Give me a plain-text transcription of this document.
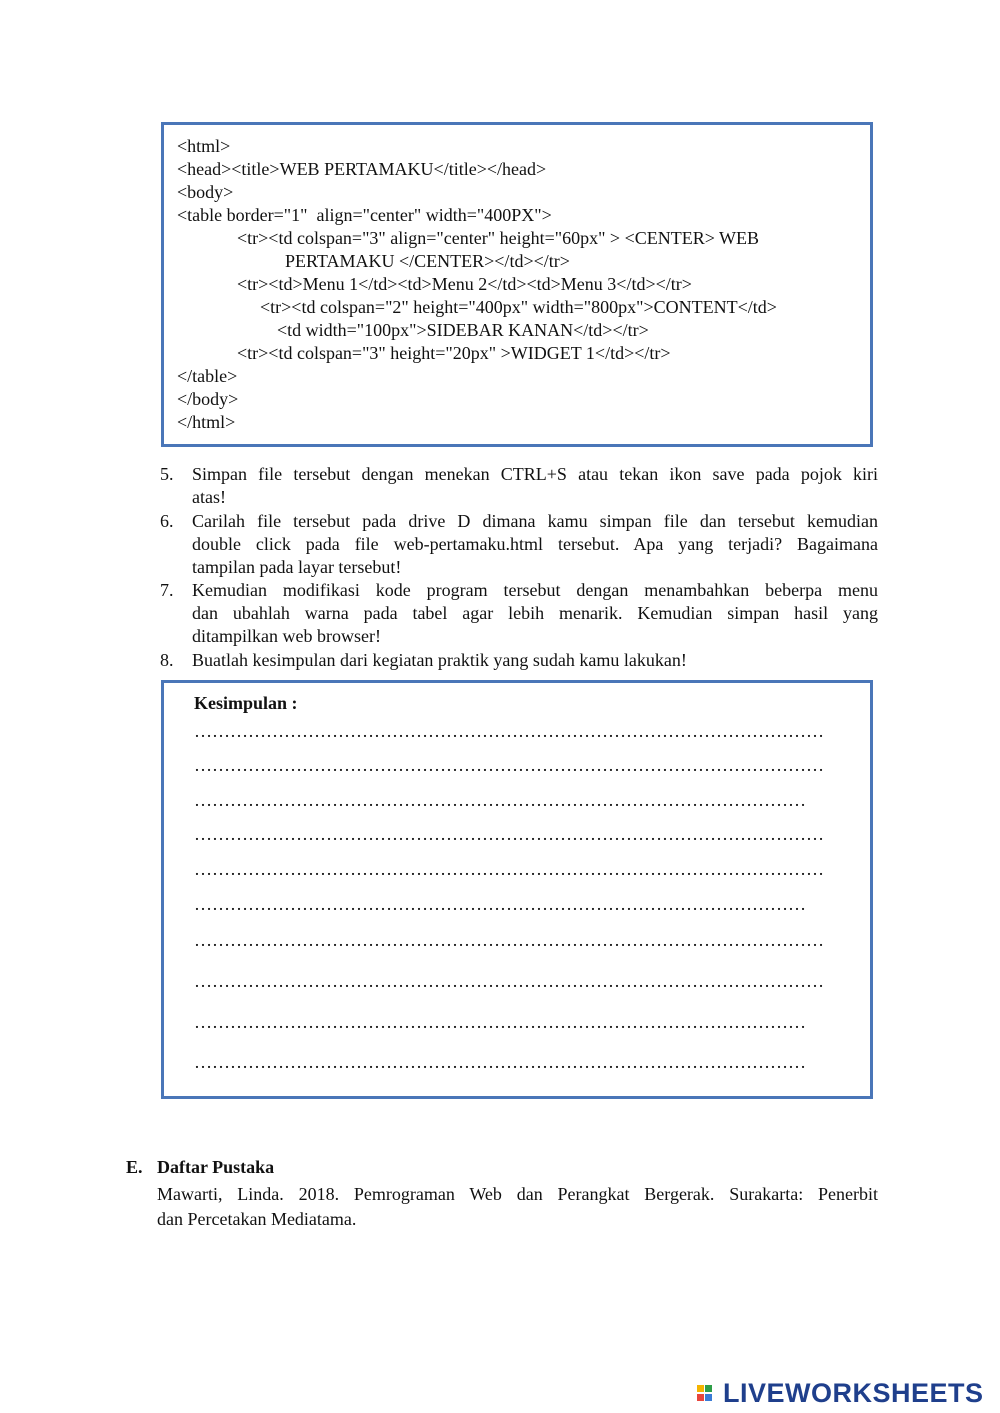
<html>
<head><title>WEB PERTAMAKU</title></head>
<body>
<table border="1"  align="center" width="400PX">
<tr><td colspan="3" align="center" height="60px" > <CENTER> WEB
PERTAMAKU </CENTER></td></tr>
<tr><td>Menu 1</td><td>Menu 2</td><td>Menu 3</td></tr>
<tr><td colspan="2" height="400px" width="800px">CONTENT</td>
<td width="100px">SIDEBAR KANAN</td></tr>
<tr><td colspan="3" height="20px" >WIDGET 1</td></tr>
</table>
</body>
</html>
5. Simpan file tersebut dengan menekan CTRL+S atau tekan ikon save pada pojok kiri
atas!
6. Carilah file tersebut pada drive D dimana kamu simpan file dan tersebut kemudian
double click pada file web-pertamaku.html tersebut. Apa yang terjadi? Bagaimana
tampilan pada layar tersebut!
7. Kemudian modifikasi kode program tersebut dengan menambahkan beberpa menu
dan ubahlah warna pada tabel agar lebih menarik. Kemudian simpan hasil yang
ditampilkan web browser!
8. Buatlah kesimpulan dari kegiatan praktik yang sudah kamu lakukan!
Kesimpulan :
……………………………………………………………………………………………
……………………………………………………………………………………………
…………………………………………………………………………………………
……………………………………………………………………………………………
……………………………………………………………………………………………
…………………………………………………………………………………………
……………………………………………………………………………………………
……………………………………………………………………………………………
…………………………………………………………………………………………
…………………………………………………………………………………………
E. Daftar Pustaka
Mawarti, Linda. 2018. Pemrograman Web dan Perangkat Bergerak. Surakarta: Penerbit
dan Percetakan Mediatama.
LIVEWORKSHEETS
